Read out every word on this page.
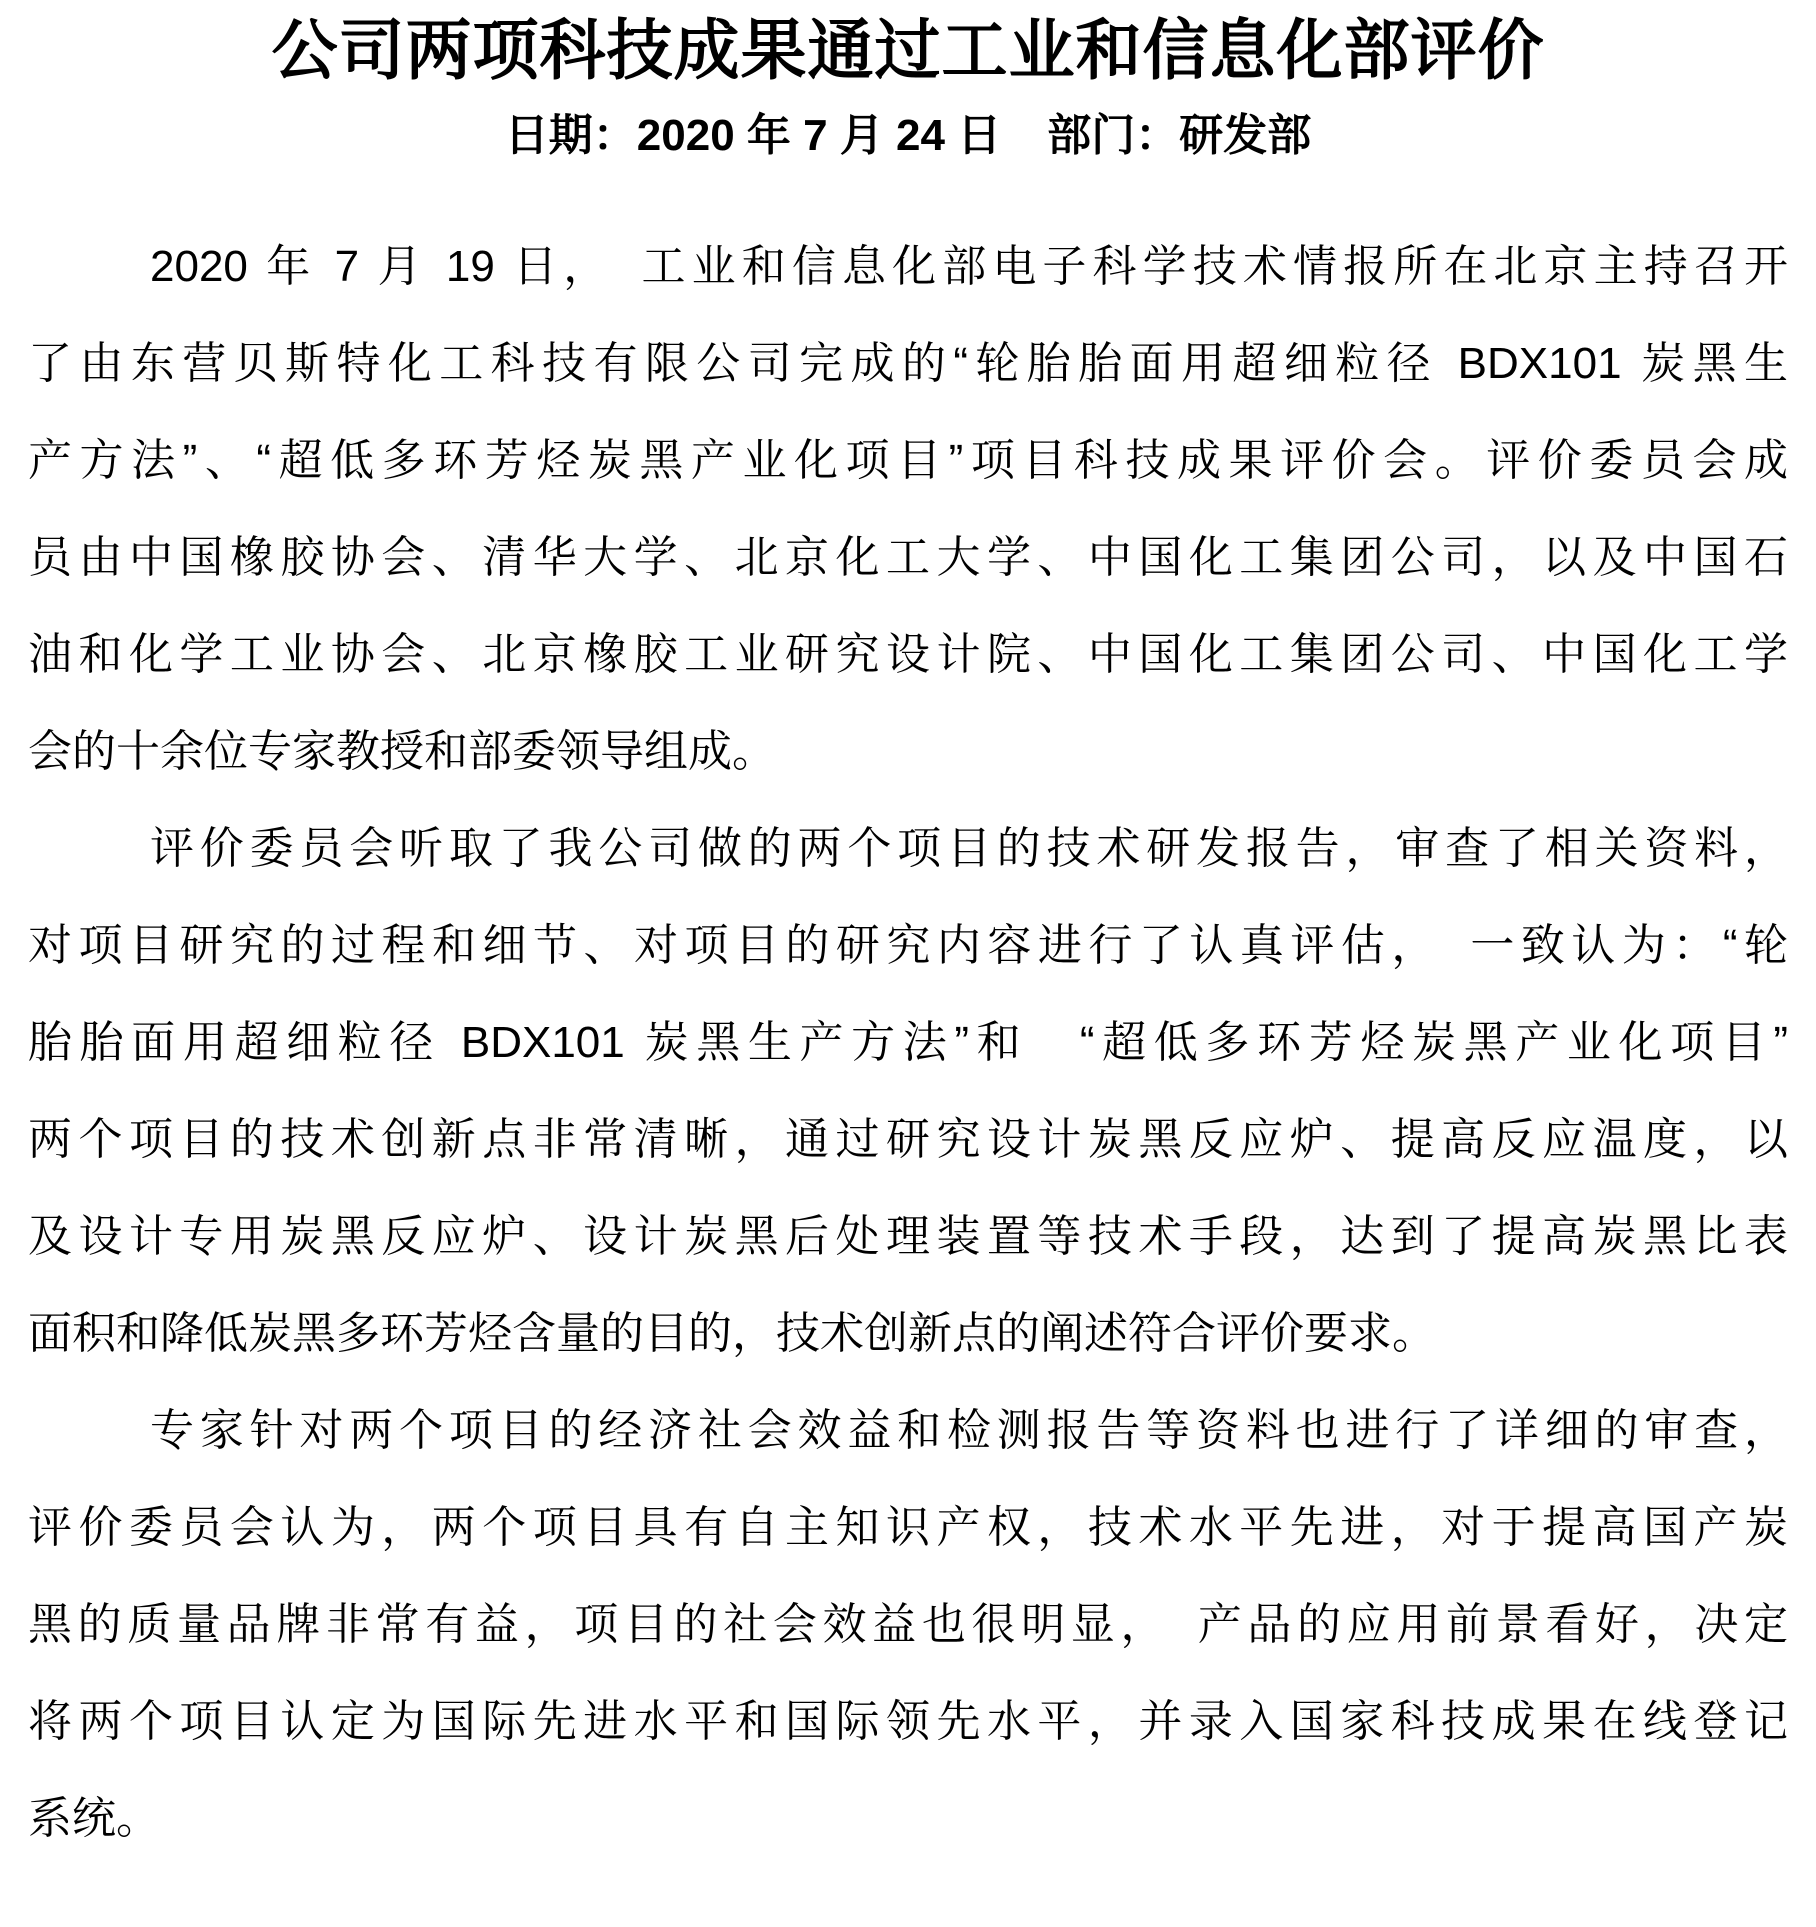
公司两项科技成果通过工业和信息化部评价
日期：2020 年 7 月 24 日 部门：研发部
2020 年 7 月 19 日，　工业和信息化部电子科学技术情报所在北京主持召开
了由东营贝斯特化工科技有限公司完成的“轮胎胎面用超细粒径 BDX101 炭黑生
产方法”、“超低多环芳烃炭黑产业化项目”项目科技成果评价会。评价委员会成
员由中国橡胶协会、清华大学、北京化工大学、中国化工集团公司，以及中国石
油和化学工业协会、北京橡胶工业研究设计院、中国化工集团公司、中国化工学
会的十余位专家教授和部委领导组成。
评价委员会听取了我公司做的两个项目的技术研发报告，审查了相关资料，
对项目研究的过程和细节、对项目的研究内容进行了认真评估，　一致认为：“轮
胎胎面用超细粒径 BDX101 炭黑生产方法”和　“超低多环芳烃炭黑产业化项目”
两个项目的技术创新点非常清晰，通过研究设计炭黑反应炉、提高反应温度，以
及设计专用炭黑反应炉、设计炭黑后处理装置等技术手段，达到了提高炭黑比表
面积和降低炭黑多环芳烃含量的目的，技术创新点的阐述符合评价要求。
专家针对两个项目的经济社会效益和检测报告等资料也进行了详细的审查，
评价委员会认为，两个项目具有自主知识产权，技术水平先进，对于提高国产炭
黑的质量品牌非常有益，项目的社会效益也很明显，　产品的应用前景看好，决定
将两个项目认定为国际先进水平和国际领先水平，并录入国家科技成果在线登记
系统。
